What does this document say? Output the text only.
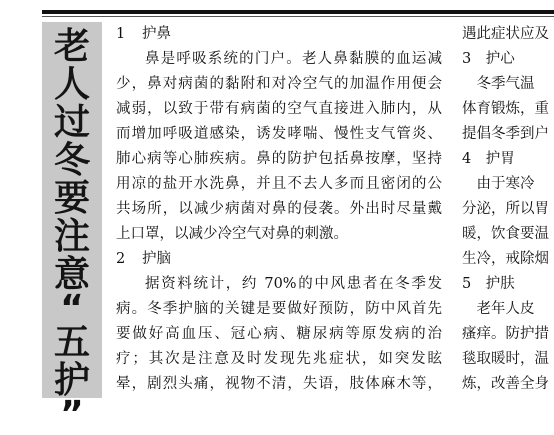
老
人
过
冬
要
注
意
“
五
护
”
1 护鼻
鼻是呼吸系统的门户。老人鼻黏膜的血运减
少，鼻对病菌的黏附和对冷空气的加温作用便会
减弱，以致于带有病菌的空气直接进入肺内，从
而增加呼吸道感染，诱发哮喘、慢性支气管炎、
肺心病等心肺疾病。鼻的防护包括鼻按摩，坚持
用凉的盐开水洗鼻，并且不去人多而且密闭的公
共场所，以减少病菌对鼻的侵袭。外出时尽量戴
上口罩，以减少冷空气对鼻的刺激。
2 护脑
据资料统计，约 70%的中风患者在冬季发
病。冬季护脑的关键是要做好预防，防中风首先
要做好高血压、冠心病、糖尿病等原发病的治
疗；其次是注意及时发现先兆症状，如突发眩
晕，剧烈头痛，视物不清，失语，肢体麻木等，
遇此症状应及
3　护心
　冬季气温
体育锻炼，重
提倡冬季到户
4　护胃
　由于寒冷
分泌，所以胃
暖，饮食要温
生冷，戒除烟
5　护肤
　老年人皮
瘙痒。防护措
毯取暖时，温
炼，改善全身
